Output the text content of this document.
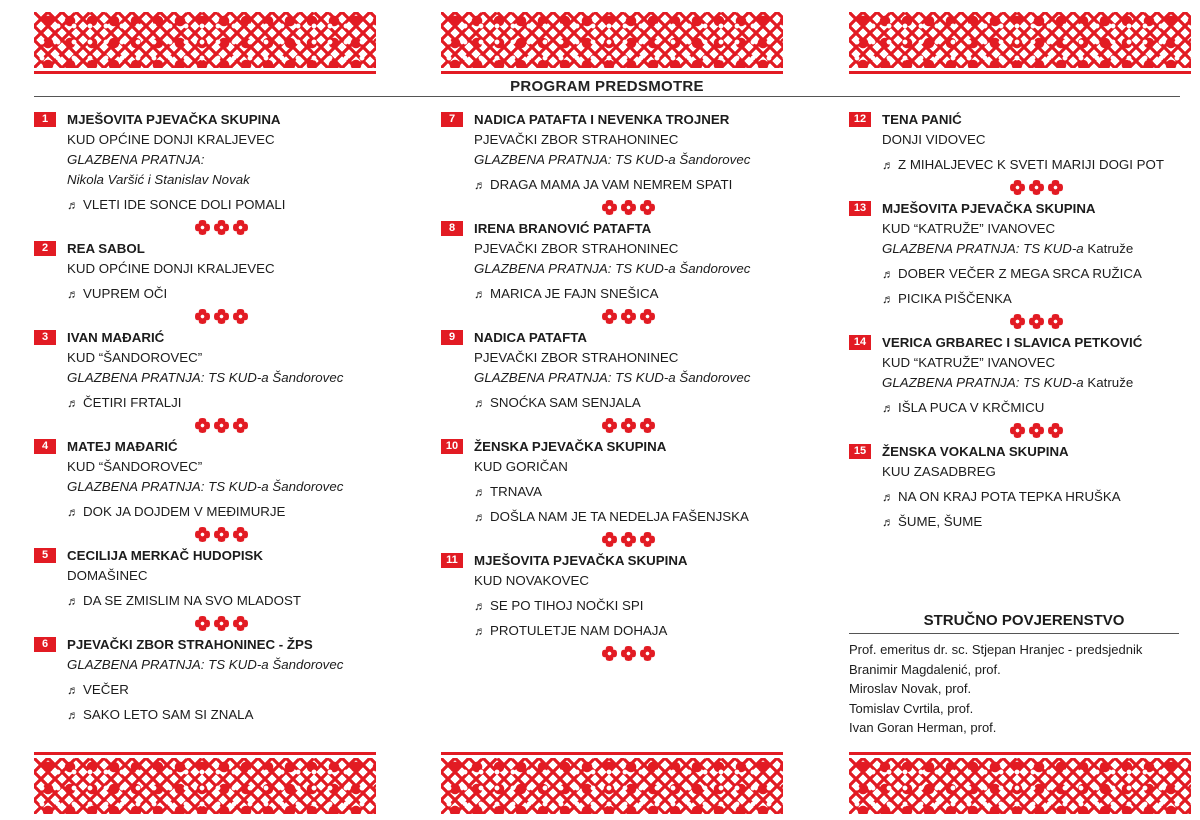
PROGRAM PREDSMOTRE
1	MJEŠOVITA PJEVAČKA SKUPINA
KUD OPĆINE DONJI KRALJEVEC
GLAZBENA PRATNJA:
Nikola Varšić i Stanislav Novak
♬ VLETI IDE SONCE DOLI POMALI
2	REA SABOL
KUD OPĆINE DONJI KRALJEVEC
♬ VUPREM OČI
3	IVAN MAĐARIĆ
KUD “ŠANDOROVEC”
GLAZBENA PRATNJA: TS KUD-a Šandorovec
♬ ČETIRI FRTALJI
4	MATEJ MAĐARIĆ
KUD “ŠANDOROVEC”
GLAZBENA PRATNJA: TS KUD-a Šandorovec
♬ DOK JA DOJDEM V MEĐIMURJE
5	CECILIJA MERKAČ HUDOPISK
DOMAŠINEC
♬ DA SE ZMISLIM NA SVO MLADOST
6	PJEVAČKI ZBOR STRAHONINEC - ŽPS
GLAZBENA PRATNJA: TS KUD-a Šandorovec
♬ VEČER
♬ SAKO LETO SAM SI ZNALA
7	NADICA PATAFTA I NEVENKA TROJNER
PJEVAČKI ZBOR STRAHONINEC
GLAZBENA PRATNJA: TS KUD-a Šandorovec
♬ DRAGA MAMA JA VAM NEMREM SPATI
8	IRENA BRANOVIĆ PATAFTA
PJEVAČKI ZBOR STRAHONINEC
GLAZBENA PRATNJA: TS KUD-a Šandorovec
♬ MARICA JE FAJN SNEŠICA
9	NADICA PATAFTA
PJEVAČKI ZBOR STRAHONINEC
GLAZBENA PRATNJA: TS KUD-a Šandorovec
♬ SNOĆKA SAM SENJALA
10	ŽENSKA PJEVAČKA SKUPINA
KUD GORIČAN
♬ TRNAVA
♬ DOŠLA NAM JE TA NEDELJA FAŠENJSKA
11	MJEŠOVITA PJEVAČKA SKUPINA
KUD NOVAKOVEC
♬ SE PO TIHOJ NOČKI SPI
♬ PROTULETJE NAM DOHAJA
12	TENA PANIĆ
DONJI VIDOVEC
♬ Z MIHALJEVEC K SVETI MARIJI DOGI POT
13	MJEŠOVITA PJEVAČKA SKUPINA
KUD “KATRUŽE” IVANOVEC
GLAZBENA PRATNJA: TS KUD-a Katruže
♬ DOBER VEČER Z MEGA SRCA RUŽICA
♬ PICIKA PIŠČENKA
14	VERICA GRBAREC I SLAVICA PETKOVIĆ
KUD “KATRUŽE” IVANOVEC
GLAZBENA PRATNJA: TS KUD-a Katruže
♬ IŠLA PUCA V KRČMICU
15	ŽENSKA VOKALNA SKUPINA
KUU ZASADBREG
♬ NA ON KRAJ POTA TEPKA HRUŠKA
♬ ŠUME, ŠUME
STRUČNO POVJERENSTVO
Prof. emeritus dr. sc. Stjepan Hranjec - predsjednik
Branimir Magdalenić, prof.
Miroslav Novak, prof.
Tomislav Cvrtila, prof.
Ivan Goran Herman, prof.
